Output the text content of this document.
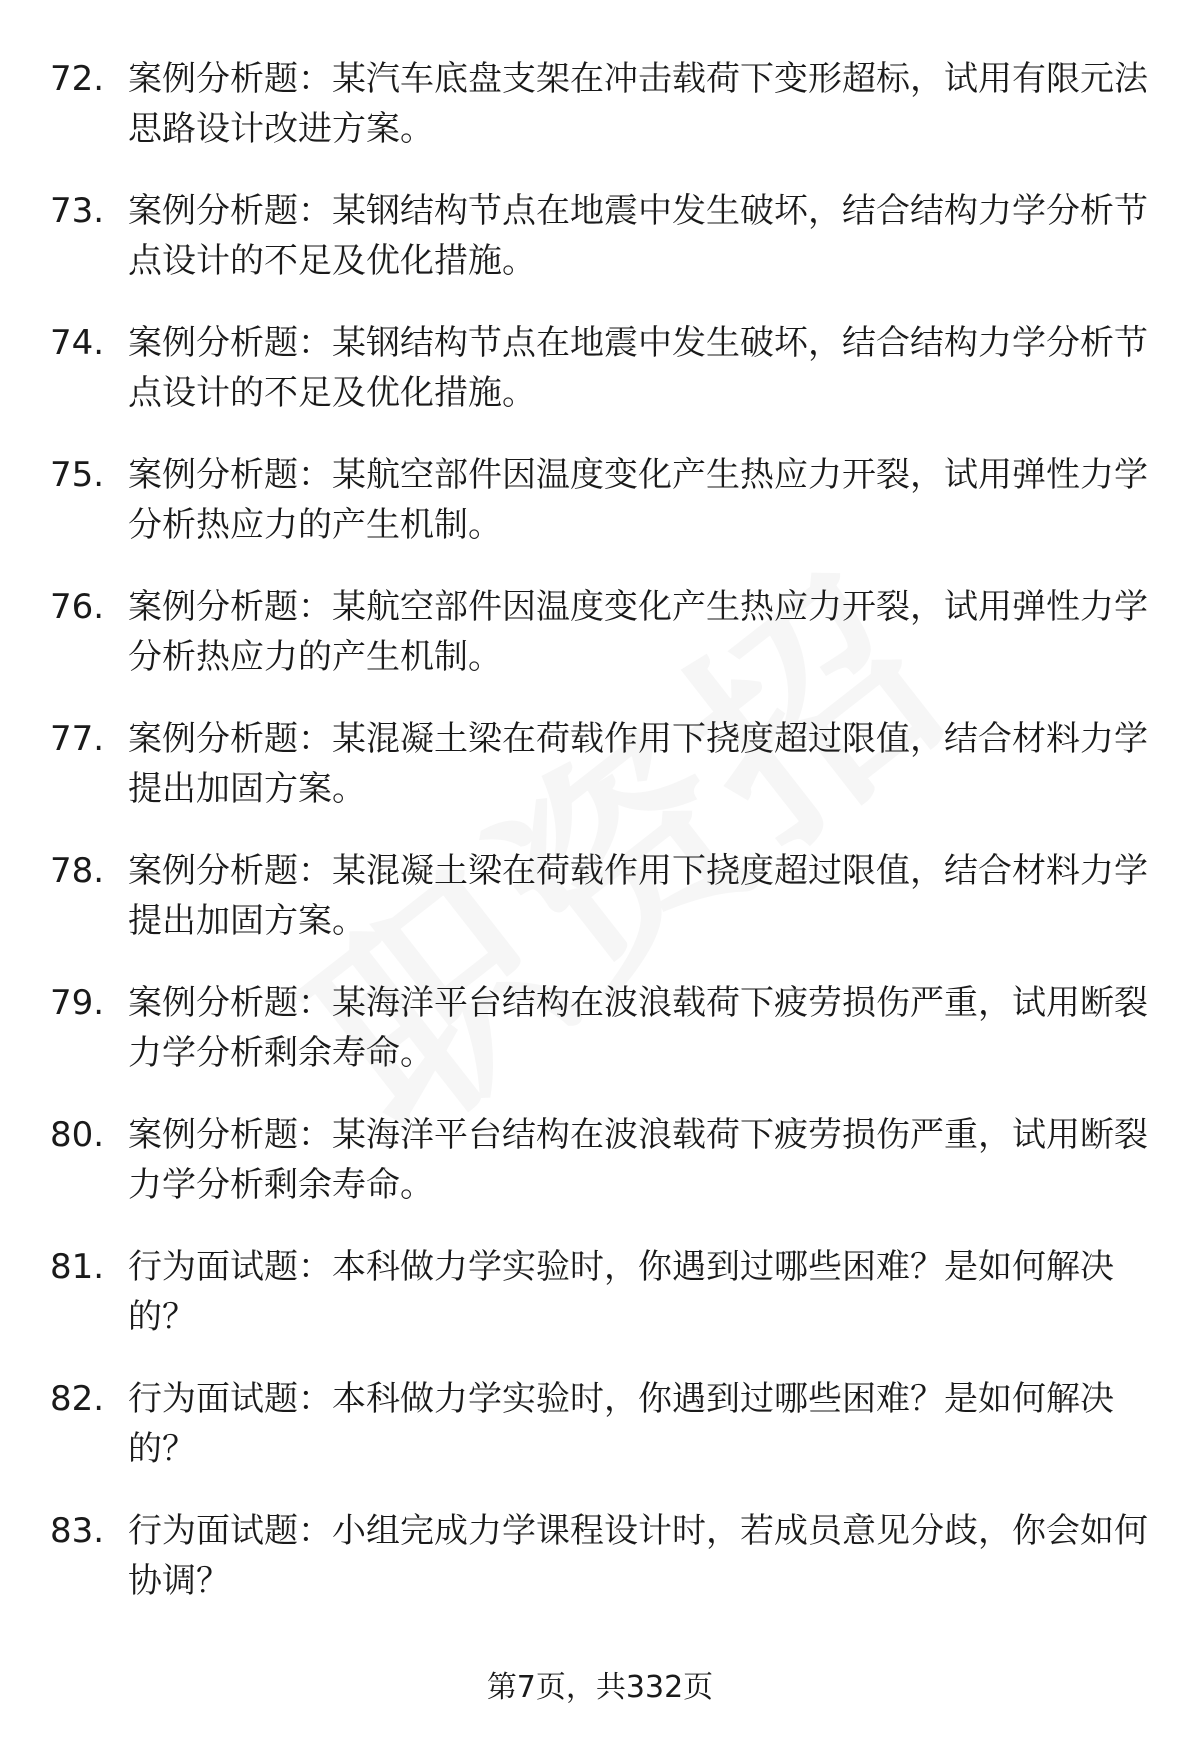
72. 案例分析题：某汽车底盘支架在冲击载荷下变形超标，试用有限元法思路设计改进方案。
73. 案例分析题：某钢结构节点在地震中发生破坏，结合结构力学分析节点设计的不足及优化措施。
74. 案例分析题：某钢结构节点在地震中发生破坏，结合结构力学分析节点设计的不足及优化措施。
75. 案例分析题：某航空部件因温度变化产生热应力开裂，试用弹性力学分析热应力的产生机制。
76. 案例分析题：某航空部件因温度变化产生热应力开裂，试用弹性力学分析热应力的产生机制。
77. 案例分析题：某混凝土梁在荷载作用下挠度超过限值，结合材料力学提出加固方案。
78. 案例分析题：某混凝土梁在荷载作用下挠度超过限值，结合材料力学提出加固方案。
79. 案例分析题：某海洋平台结构在波浪载荷下疲劳损伤严重，试用断裂力学分析剩余寿命。
80. 案例分析题：某海洋平台结构在波浪载荷下疲劳损伤严重，试用断裂力学分析剩余寿命。
81. 行为面试题：本科做力学实验时，你遇到过哪些困难？是如何解决的？
82. 行为面试题：本科做力学实验时，你遇到过哪些困难？是如何解决的？
83. 行为面试题：小组完成力学课程设计时，若成员意见分歧，你会如何协调？
第7页，共332页
